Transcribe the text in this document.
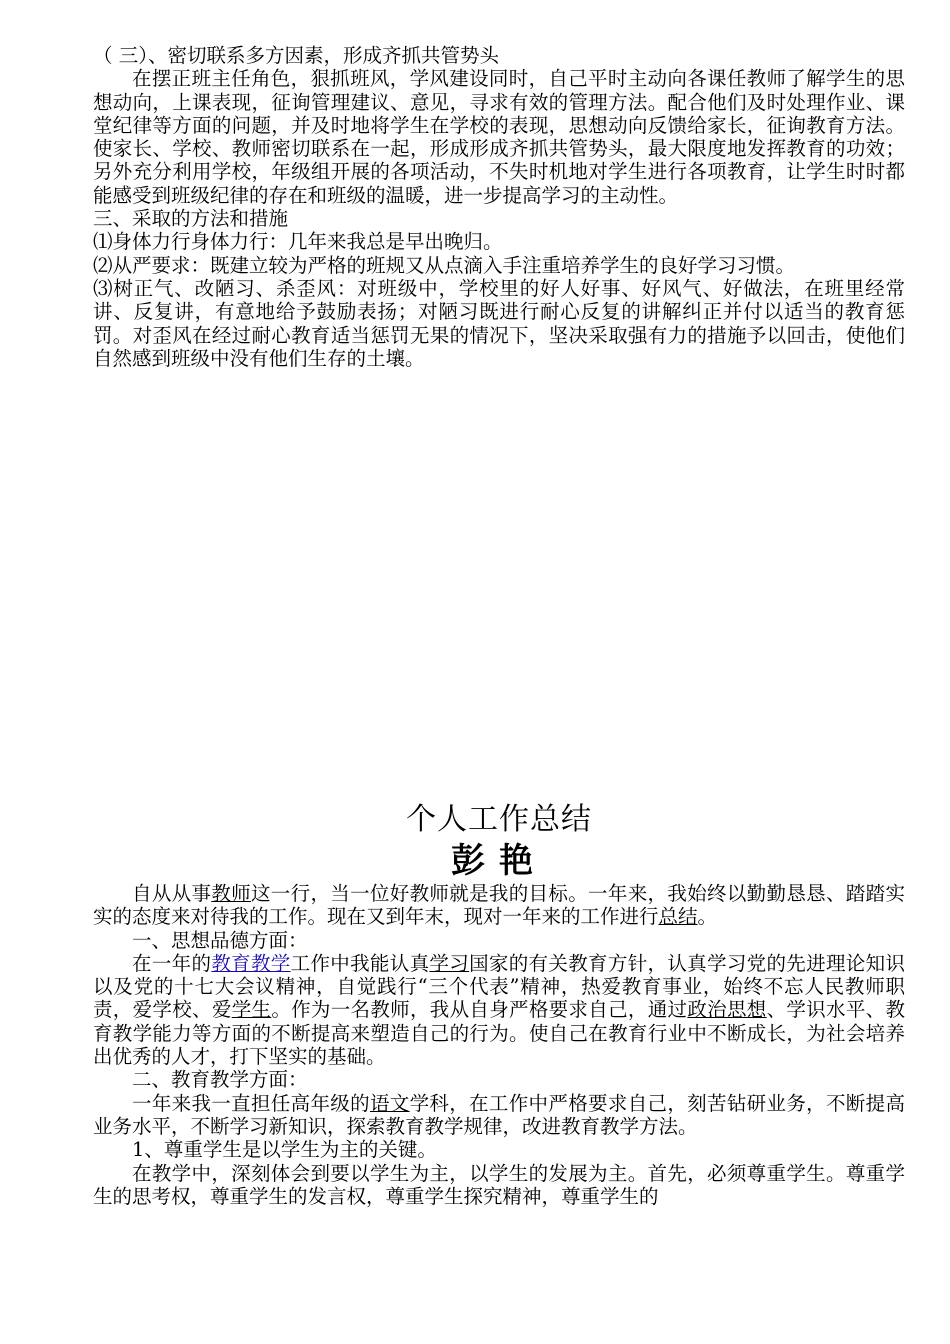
（ 三）、密切联系多方因素，形成齐抓共管势头

在摆正班主任角色，狠抓班风，学风建设同时，自己平时主动向各课任教师了解学生的思想动向，上课表现，征询管理建议、意见，寻求有效的管理方法。配合他们及时处理作业、课堂纪律等方面的问题，并及时地将学生在学校的表现，思想动向反馈给家长，征询教育方法。使家长、学校、教师密切联系在一起，形成形成齐抓共管势头，最大限度地发挥教育的功效；另外充分利用学校，年级组开展的各项活动，不失时机地对学生进行各项教育，让学生时时都能感受到班级纪律的存在和班级的温暖，进一步提高学习的主动性。

三、采取的方法和措施

⑴身体力行身体力行：几年来我总是早出晚归。

⑵从严要求：既建立较为严格的班规又从点滴入手注重培养学生的良好学习习惯。

⑶树正气、改陋习、杀歪风：对班级中，学校里的好人好事、好风气、好做法，在班里经常讲、反复讲，有意地给予鼓励表扬；对陋习既进行耐心反复的讲解纠正并付以适当的教育惩罚。对歪风在经过耐心教育适当惩罚无果的情况下，坚决采取强有力的措施予以回击，使他们自然感到班级中没有他们生存的土壤。

个人工作总结

彭艳

自从从事教师这一行，当一位好教师就是我的目标。一年来，我始终以勤勤恳恳、踏踏实实的态度来对待我的工作。现在又到年末，现对一年来的工作进行总结。

一、思想品德方面：

在一年的教育教学工作中我能认真学习国家的有关教育方针，认真学习党的先进理论知识以及党的十七大会议精神，自觉践行“三个代表”精神，热爱教育事业，始终不忘人民教师职责，爱学校、爱学生。作为一名教师，我从自身严格要求自己，通过政治思想、学识水平、教育教学能力等方面的不断提高来塑造自己的行为。使自己在教育行业中不断成长，为社会培养出优秀的人才，打下坚实的基础。

二、教育教学方面：

一年来我一直担任高年级的语文学科，在工作中严格要求自己，刻苦钻研业务，不断提高业务水平，不断学习新知识，探索教育教学规律，改进教育教学方法。

1、尊重学生是以学生为主的关键。

在教学中，深刻体会到要以学生为主，以学生的发展为主。首先，必须尊重学生。尊重学生的思考权，尊重学生的发言权，尊重学生探究精神，尊重学生的
